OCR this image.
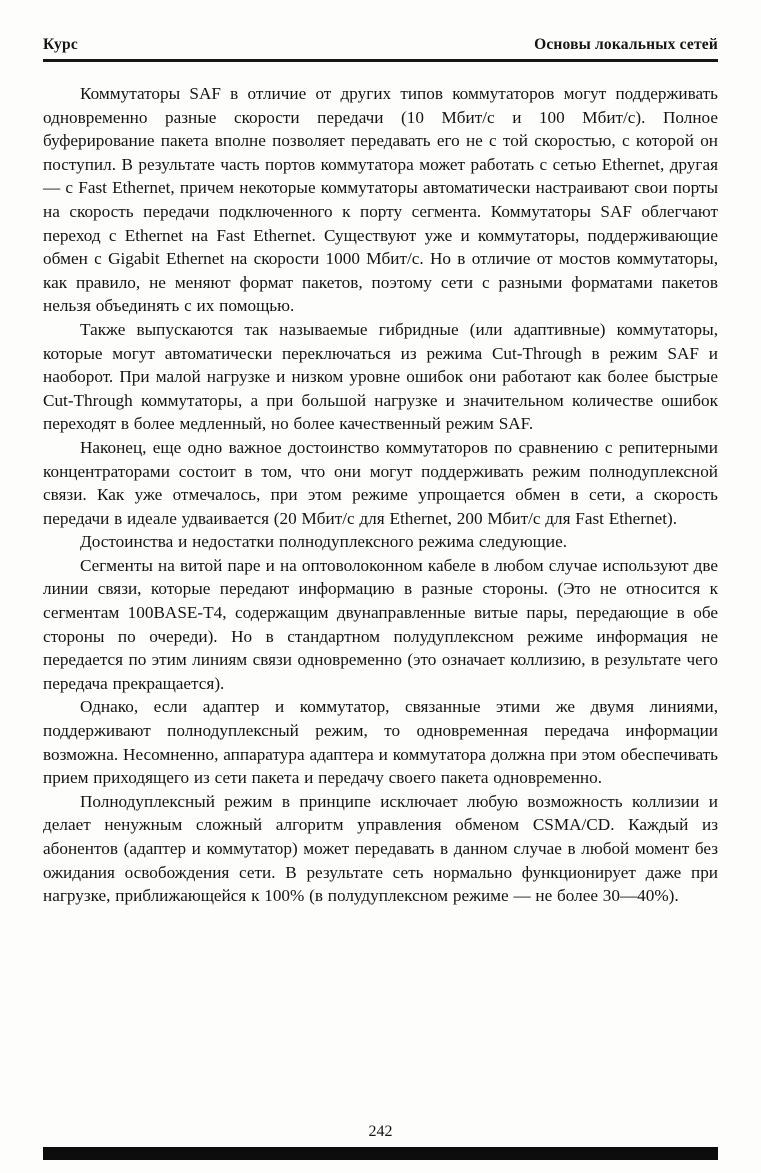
Курс	Основы локальных сетей

Коммутаторы SAF в отличие от других типов коммутаторов могут поддерживать одновременно разные скорости передачи (10 Мбит/с и 100 Мбит/с). Полное буферирование пакета вполне позволяет передавать его не с той скоростью, с которой он поступил. В результате часть портов коммутатора может работать с сетью Ethernet, другая — с Fast Ethernet, причем некоторые коммутаторы автоматически настраивают свои порты на скорость передачи подключенного к порту сегмента. Коммутаторы SAF облегчают переход с Ethernet на Fast Ethernet. Существуют уже и коммутаторы, поддерживающие обмен с Gigabit Ethernet на скорости 1000 Мбит/с. Но в отличие от мостов коммутаторы, как правило, не меняют формат пакетов, поэтому сети с разными форматами пакетов нельзя объединять с их помощью.

Также выпускаются так называемые гибридные (или адаптивные) коммутаторы, которые могут автоматически переключаться из режима Cut-Through в режим SAF и наоборот. При малой нагрузке и низком уровне ошибок они работают как более быстрые Cut-Through коммутаторы, а при большой нагрузке и значительном количестве ошибок переходят в более медленный, но более качественный режим SAF.

Наконец, еще одно важное достоинство коммутаторов по сравнению с репитерными концентраторами состоит в том, что они могут поддерживать режим полнодуплексной связи. Как уже отмечалось, при этом режиме упрощается обмен в сети, а скорость передачи в идеале удваивается (20 Мбит/с для Ethernet, 200 Мбит/с для Fast Ethernet).

Достоинства и недостатки полнодуплексного режима следующие.

Сегменты на витой паре и на оптоволоконном кабеле в любом случае используют две линии связи, которые передают информацию в разные стороны. (Это не относится к сегментам 100BASE-T4, содержащим двунаправленные витые пары, передающие в обе стороны по очереди). Но в стандартном полудуплексном режиме информация не передается по этим линиям связи одновременно (это означает коллизию, в результате чего передача прекращается).

Однако, если адаптер и коммутатор, связанные этими же двумя линиями, поддерживают полнодуплексный режим, то одновременная передача информации возможна. Несомненно, аппаратура адаптера и коммутатора должна при этом обеспечивать прием приходящего из сети пакета и передачу своего пакета одновременно.

Полнодуплексный режим в принципе исключает любую возможность коллизии и делает ненужным сложный алгоритм управления обменом CSMA/CD. Каждый из абонентов (адаптер и коммутатор) может передавать в данном случае в любой момент без ожидания освобождения сети. В результате сеть нормально функционирует даже при нагрузке, приближающейся к 100% (в полудуплексном режиме — не более 30—40%).

242
